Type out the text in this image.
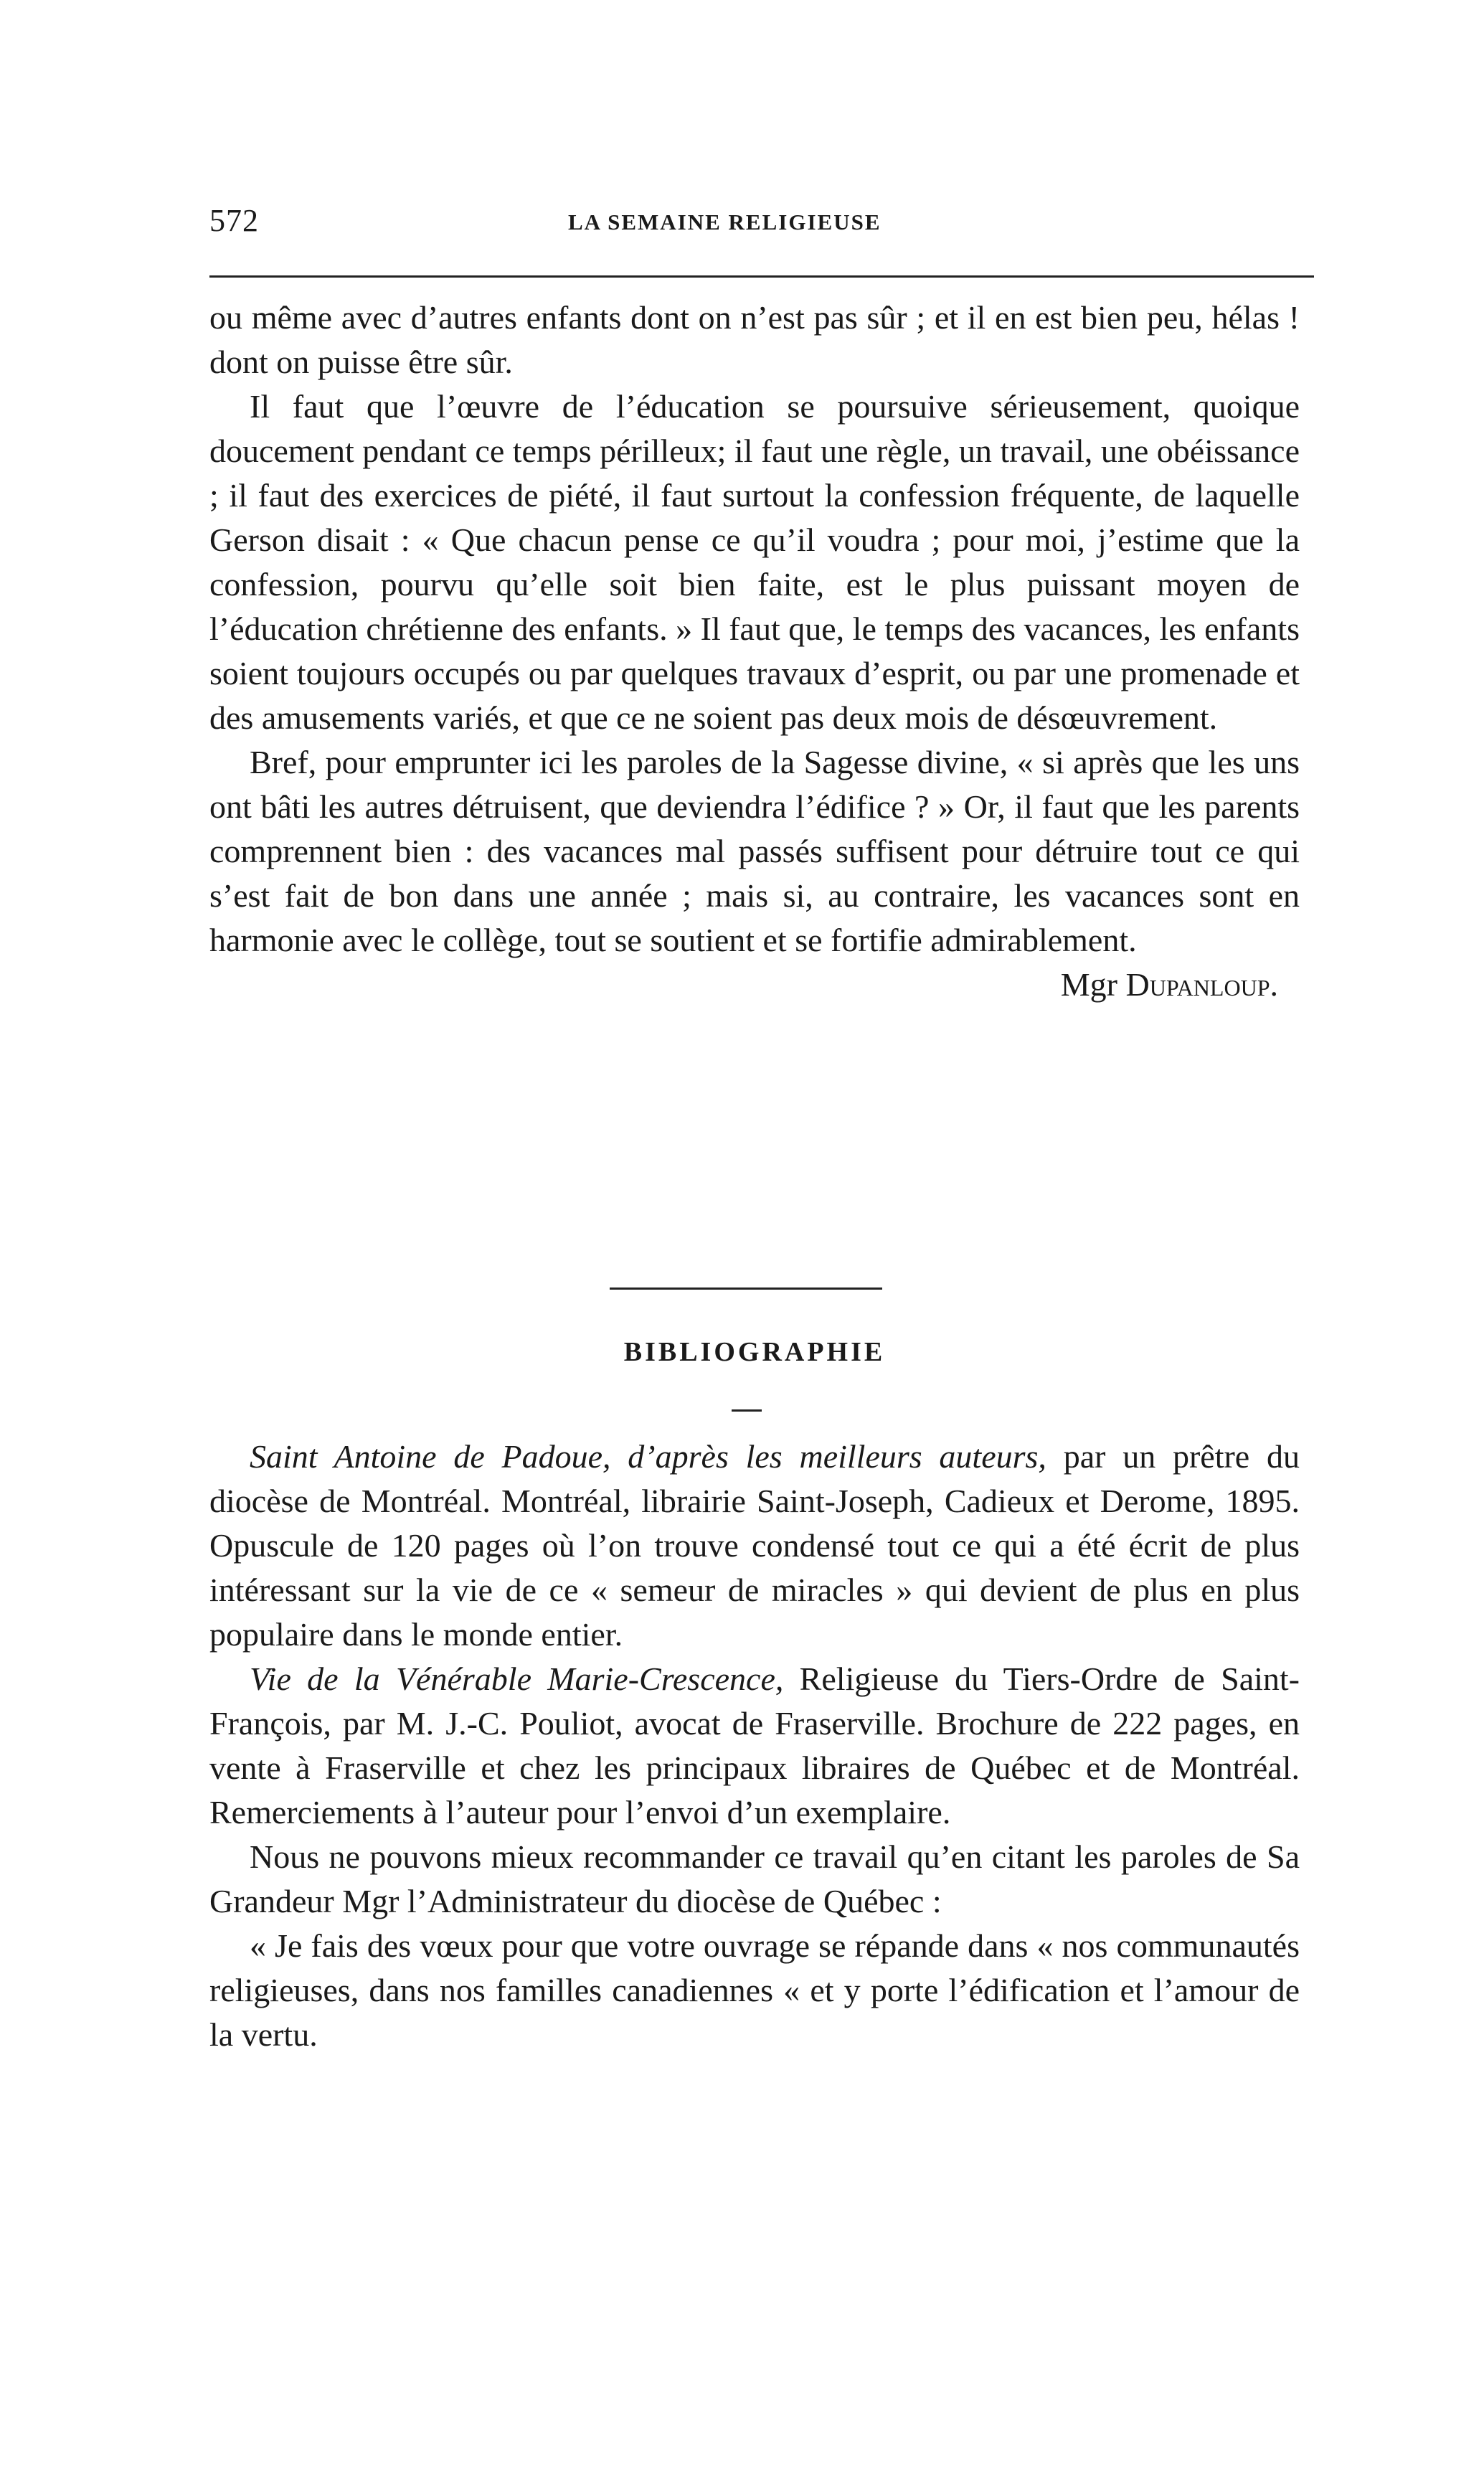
572	LA SEMAINE RELIGIEUSE

ou même avec d’autres enfants dont on n’est pas sûr ; et il en est bien peu, hélas ! dont on puisse être sûr.

Il faut que l’œuvre de l’éducation se poursuive sérieusement, quoique doucement pendant ce temps périlleux; il faut une règle, un travail, une obéissance ; il faut des exercices de piété, il faut surtout la confession fréquente, de laquelle Gerson disait : « Que chacun pense ce qu’il voudra ; pour moi, j’estime que la confession, pourvu qu’elle soit bien faite, est le plus puissant moyen de l’éducation chrétienne des enfants. » Il faut que, le temps des vacances, les enfants soient toujours occupés ou par quelques travaux d’esprit, ou par une promenade et des amusements variés, et que ce ne soient pas deux mois de désœuvrement.

Bref, pour emprunter ici les paroles de la Sagesse divine, « si après que les uns ont bâti les autres détruisent, que deviendra l’édifice ? » Or, il faut que les parents comprennent bien : des vacances mal passés suffisent pour détruire tout ce qui s’est fait de bon dans une année ; mais si, au contraire, les vacances sont en harmonie avec le collège, tout se soutient et se fortifie admirablement.

Mgr Dupanloup.

BIBLIOGRAPHIE

Saint Antoine de Padoue, d’après les meilleurs auteurs, par un prêtre du diocèse de Montréal. Montréal, librairie Saint-Joseph, Cadieux et Derome, 1895. Opuscule de 120 pages où l’on trouve condensé tout ce qui a été écrit de plus intéressant sur la vie de ce « semeur de miracles » qui devient de plus en plus populaire dans le monde entier.

Vie de la Vénérable Marie-Crescence, Religieuse du Tiers-Ordre de Saint-François, par M. J.-C. Pouliot, avocat de Fraserville. Brochure de 222 pages, en vente à Fraserville et chez les principaux libraires de Québec et de Montréal. Remerciements à l’auteur pour l’envoi d’un exemplaire.

Nous ne pouvons mieux recommander ce travail qu’en citant les paroles de Sa Grandeur Mgr l’Administrateur du diocèse de Québec :

« Je fais des vœux pour que votre ouvrage se répande dans « nos communautés religieuses, dans nos familles canadiennes « et y porte l’édification et l’amour de la vertu.
